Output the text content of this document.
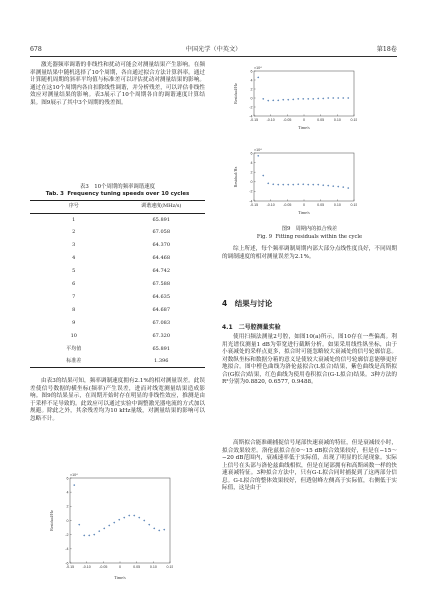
678	中国光学（中英文）	第18卷

激光器频率调谐的非线性和扰动可能会对测量结果产生影响。在频率测量结果中随机选择了10个周期，各自通过拟合方法计算斜率。通过计算随机周期的斜率平均值与标准差可以评估扰动对测量结果的影响。通过在这10个周期内各自扣除线性调谐，并分析残差，可以评估非线性效应对测量结果的影响。表3展示了10个周期各自的调谐速度计算结果。图9展示了其中3个周期的残差图。

表3　10个周期的频率调谐速度
Tab. 3 Frequency tuning speeds over 10 cycles
序号	调谐速度(MHz/s)
1	65.891
2	67.058
3	64.370
4	64.468
5	64.742
6	67.588
7	64.635
8	64.687
9	67.083
10	67.320
平均值	65.891
标准差	1.396

由表3的结果可知，频率调制速度拥有2.1%的相对测量误差。此误差使信号数据的横坐标(频率)产生误差，进而对线宽测量结果造成影响。图9的结果显示，在周期开始时存在明显的非线性效应，推测是由于采样不足导致的。此效应可以通过实验中调整激光器电流的方式加以规避。除此之外，其余残差均为10 kHz量级，对测量结果的影响可以忽略不计。

-0.15 -0.10 -0.05	0	0.05	0.10	0.15
-6
-4
-2
0
2
4
6
×10⁴
Time/s
Residual/Hz
-0.15 -0.10 -0.05	0	0.05	0.10	0.15
-4
-2
0
2
4
6
×10⁴
Time/s
Residual/Hz
-0.15 -0.10 -0.05	0	0.05	0.10	0.15
-4
-2
0
2
4
6
×10⁴
Time/s
Residual/Hz
图9　周期内的拟合残差
Fig. 9 Fitting residuals within the cycle

综上所述，每个频率调制周期内部大部分点线性度良好，不同周期的调制速度的相对测量误差为2.1%。

4　结果与讨论
4.1　二号腔测量实验

使用扫频法测量2号腔，如图10(a)所示，图10存在一些偏离。利用光谱仪测量1 dB为带宽进行截断分析。如果采用线性纵坐标，由于小衰减处的采样点更多，拟合时可能忽略较大衰减处的信号轮廓信息。对数纵坐标和数据分箱的意义是使较大衰减处的信号轮廓信息能够更好地拟合。图中橙色曲线为洛伦兹拟合(L拟合)结果，紫色曲线是高斯拟合(G拟合)结果，红色曲线为使用卷积拟合(G-L拟合)结果。3种方法的R²分别为0.8820, 0.6577, 0.9488。

高斯拟合能准确捕捉信号尾部快速衰减的特征，但是衰减较小时，拟合效果较差。洛伦兹拟合在0～15 dB拟合效果较好，但是在−15～−20 dB范围内，衰减速率低于实际值，出现了明显的长尾现象。实际上信号在头部与洛伦兹曲线相似，但是在尾部拥有和高斯函数一样的快速衰减特征。3种拟合方法中，只有G-L拟合同时捕捉到了这两部分信息。G-L拟合的整体效果较好，但透射峰左侧高于实际值，右侧低于实际值，这是由于
